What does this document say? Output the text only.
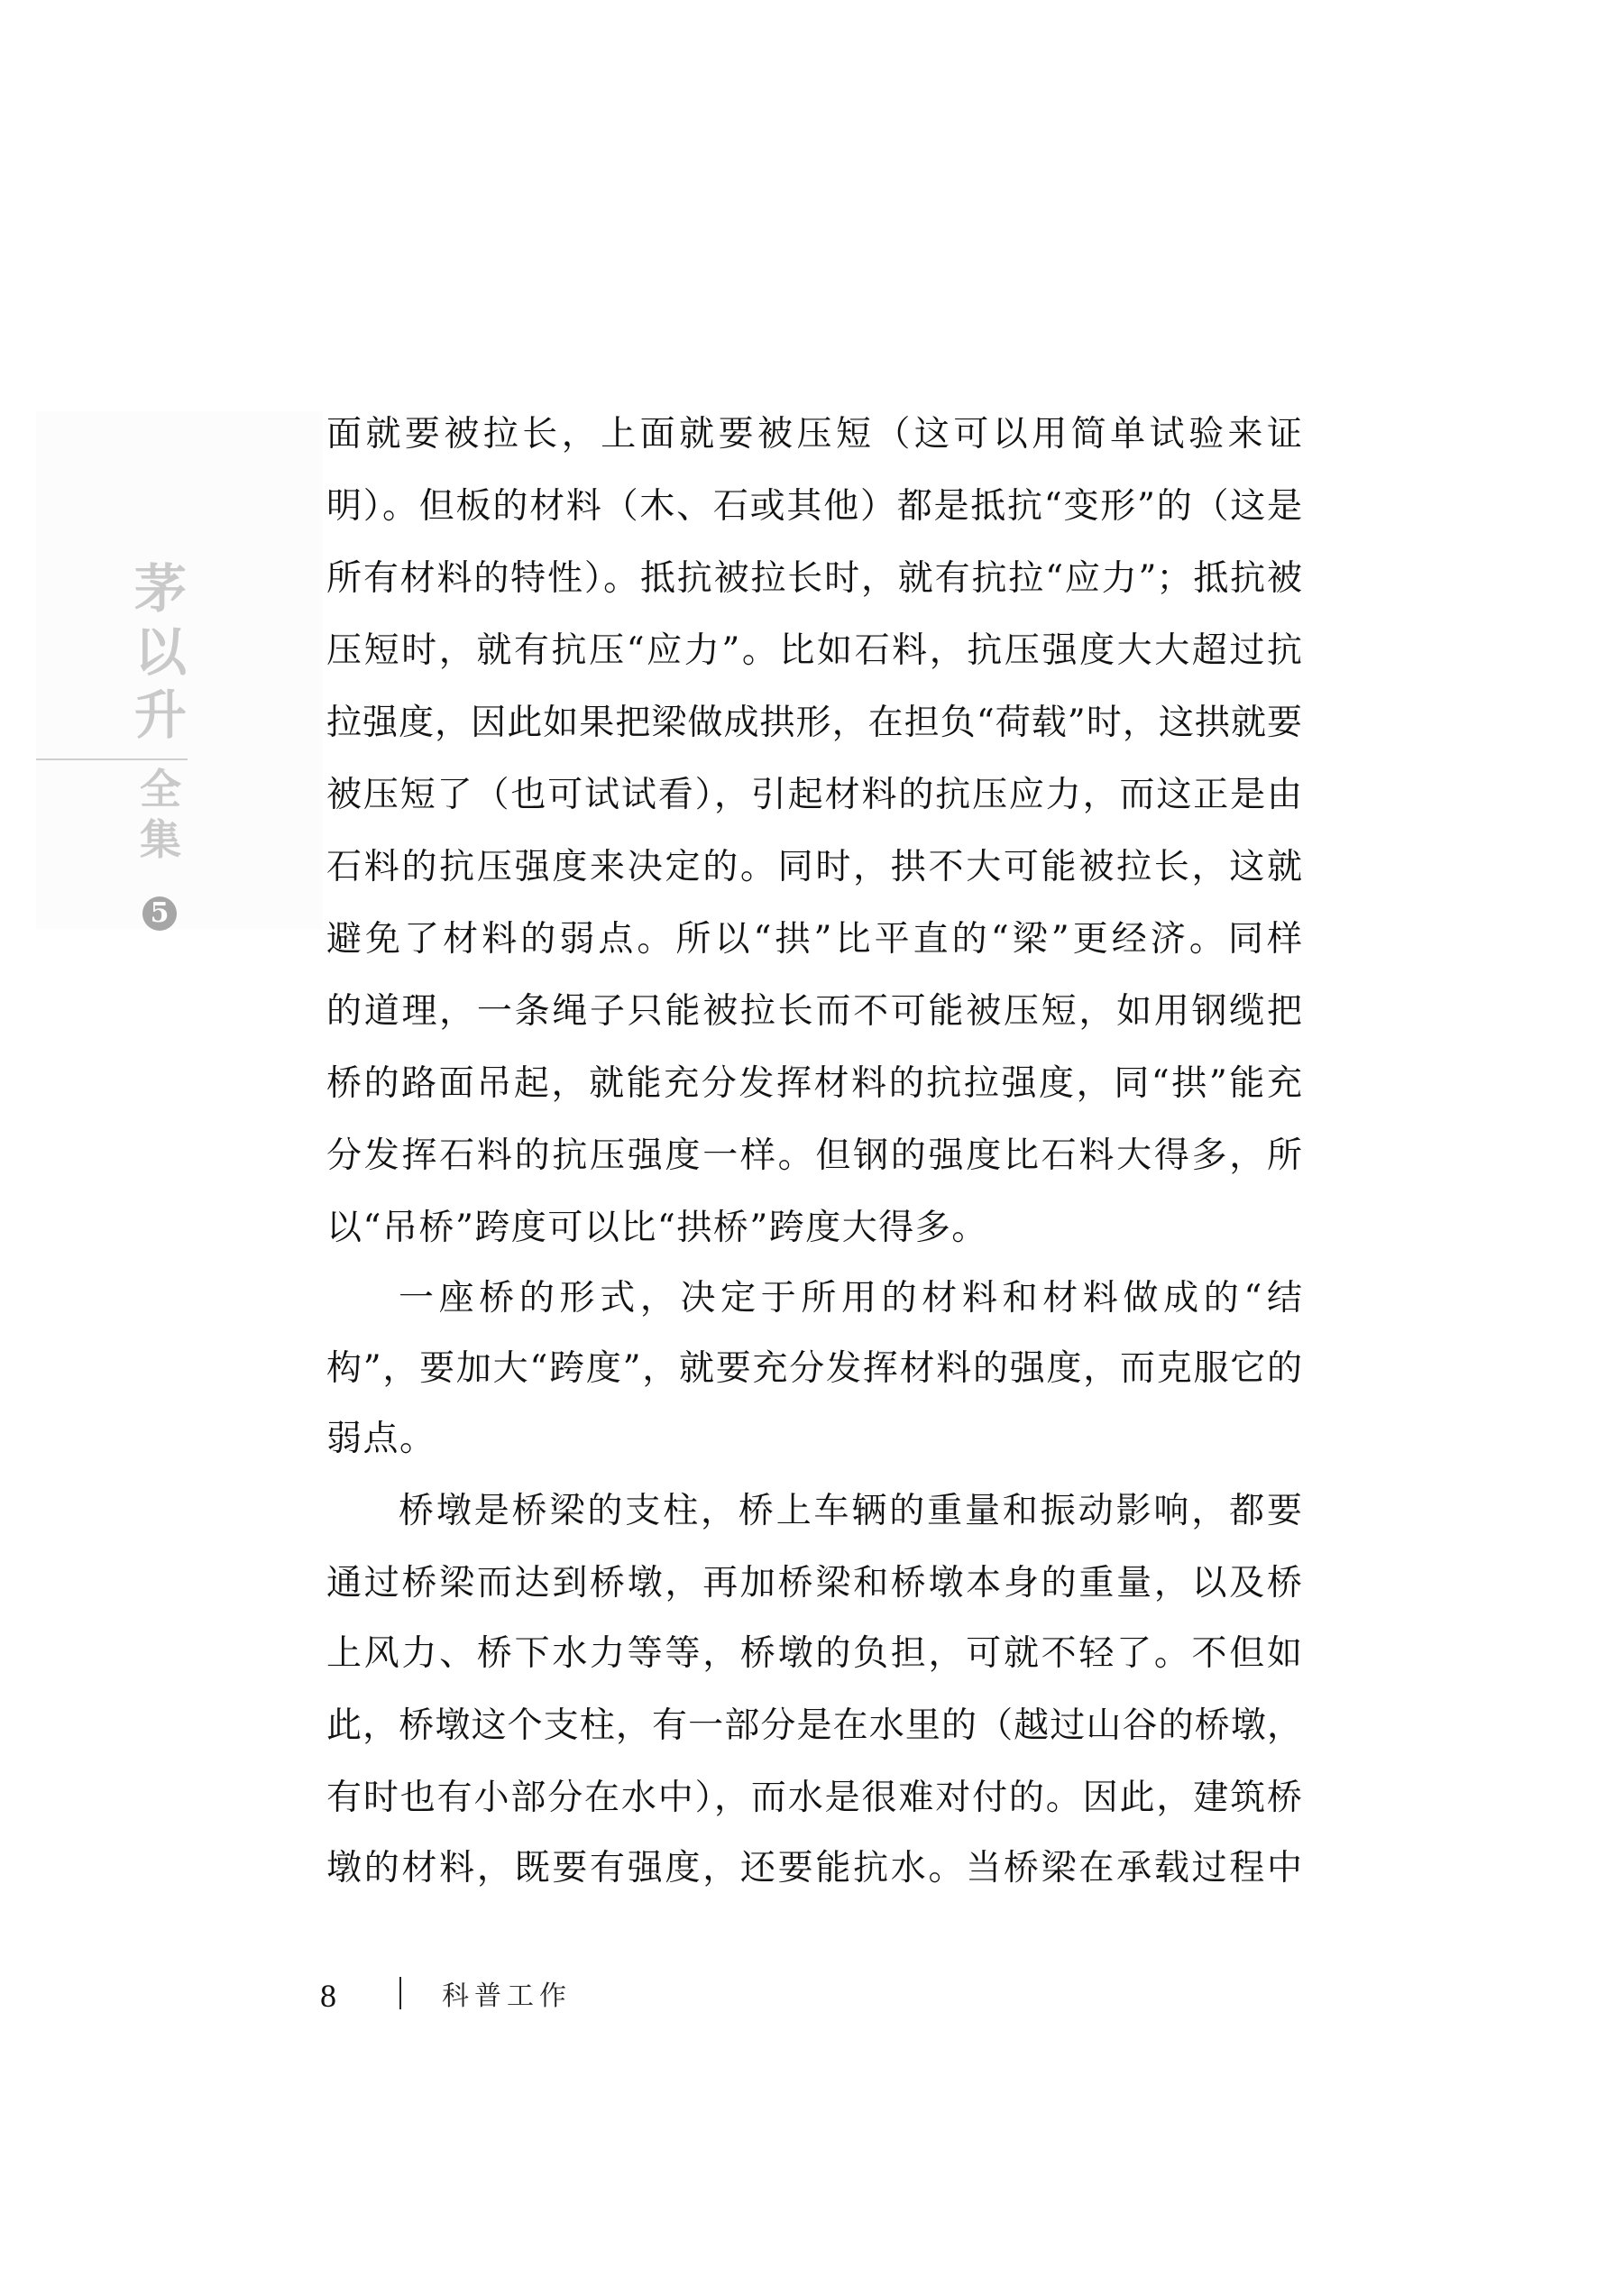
茅
以
升
全
集
5
面就要被拉长，上面就要被压短（这可以用简单试验来证
明）。但板的材料（木、石或其他）都是抵抗“变形”的（这是
所有材料的特性）。抵抗被拉长时，就有抗拉“应力”；抵抗被
压短时，就有抗压“应力”。比如石料，抗压强度大大超过抗
拉强度，因此如果把梁做成拱形，在担负“荷载”时，这拱就要
被压短了（也可试试看），引起材料的抗压应力，而这正是由
石料的抗压强度来决定的。同时，拱不大可能被拉长，这就
避免了材料的弱点。所以“拱”比平直的“梁”更经济。同样
的道理，一条绳子只能被拉长而不可能被压短，如用钢缆把
桥的路面吊起，就能充分发挥材料的抗拉强度，同“拱”能充
分发挥石料的抗压强度一样。但钢的强度比石料大得多，所
以“吊桥”跨度可以比“拱桥”跨度大得多。
一座桥的形式，决定于所用的材料和材料做成的“结
构”，要加大“跨度”，就要充分发挥材料的强度，而克服它的
弱点。
桥墩是桥梁的支柱，桥上车辆的重量和振动影响，都要
通过桥梁而达到桥墩，再加桥梁和桥墩本身的重量，以及桥
上风力、桥下水力等等，桥墩的负担，可就不轻了。不但如
此，桥墩这个支柱，有一部分是在水里的（越过山谷的桥墩，
有时也有小部分在水中），而水是很难对付的。因此，建筑桥
墩的材料，既要有强度，还要能抗水。当桥梁在承载过程中
8	科普工作
